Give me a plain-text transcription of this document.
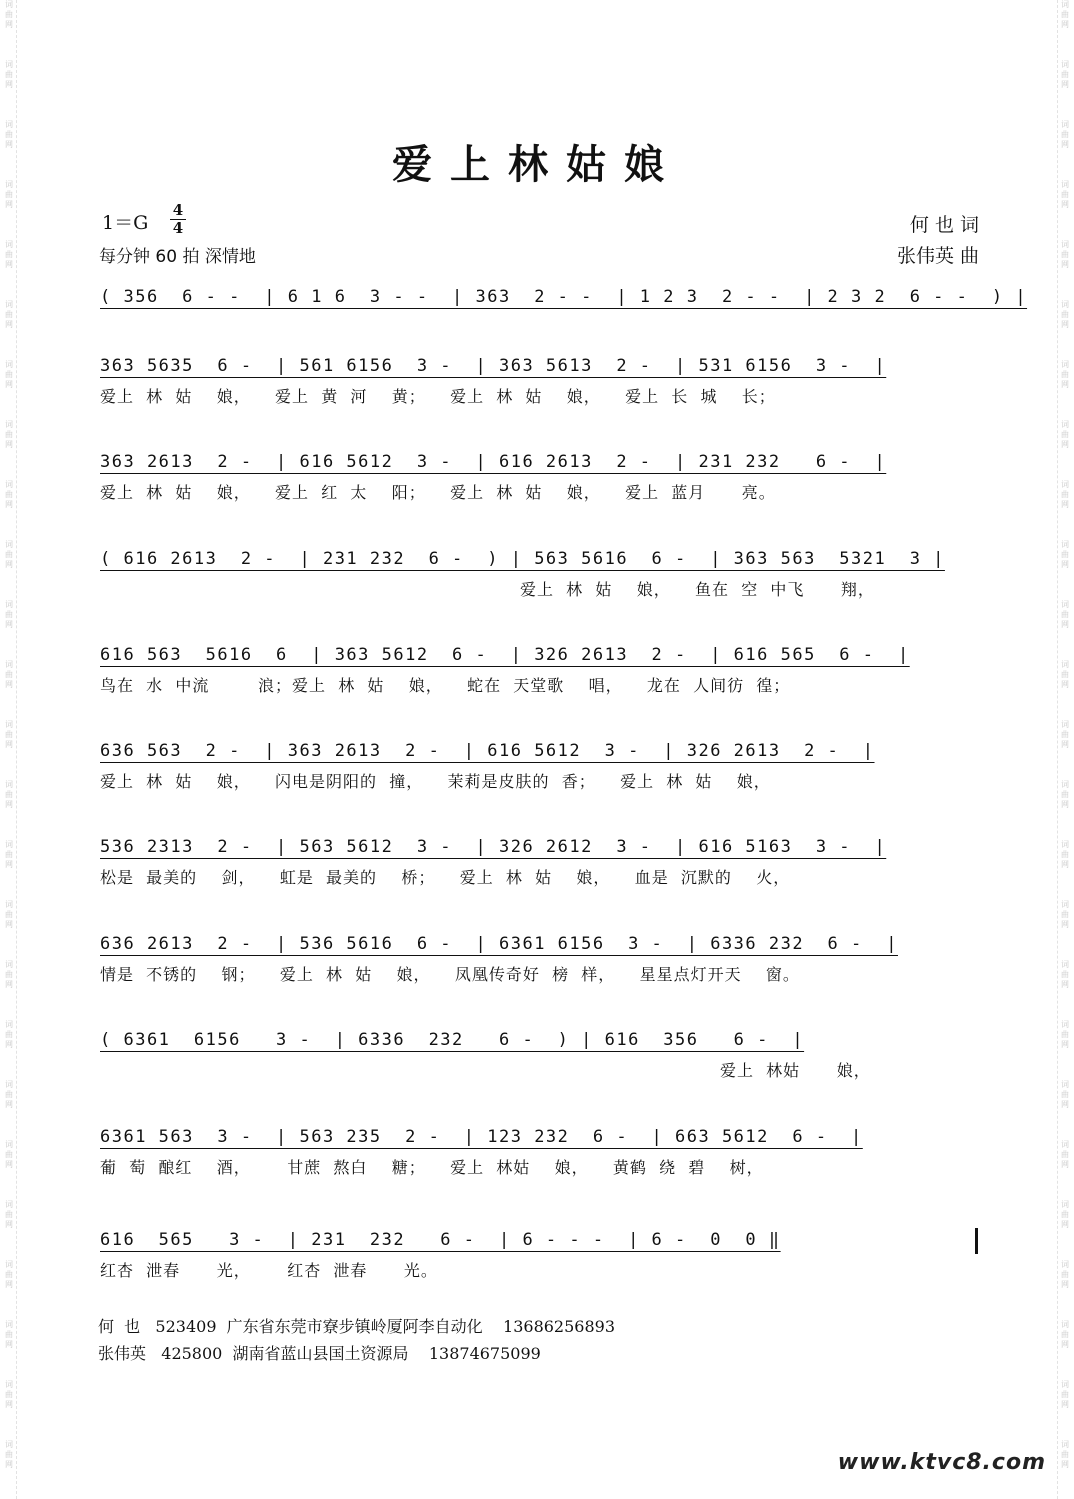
词曲网
词曲网
词曲网
词曲网
词曲网
词曲网
词曲网
词曲网
词曲网
词曲网
词曲网
词曲网
词曲网
词曲网
词曲网
词曲网
词曲网
词曲网
词曲网
词曲网
词曲网
词曲网
词曲网
词曲网
词曲网
词曲网
词曲网
词曲网
词曲网
词曲网
词曲网
词曲网
词曲网
词曲网
词曲网
词曲网
词曲网
词曲网
词曲网
词曲网
词曲网
词曲网
词曲网
词曲网
词曲网
词曲网
词曲网
词曲网
词曲网
词曲网
爱上林姑娘
1＝G
4
4
每分钟 60 拍 深情地
何 也 词
张伟英 曲
( 356  6 - -  | 6 1 6  3 - -  | 363  2 - -  | 1 2 3  2 - -  | 2 3 2  6 - -  ) |
363 5635  6 -  | 561 6156  3 -  | 363 5613  2 -  | 531 6156  3 -  |
爱上  林  姑    娘，    爱上  黄  河    黄；    爱上  林  姑    娘，    爱上  长  城    长；
363 2613  2 -  | 616 5612  3 -  | 616 2613  2 -  | 231 232   6 -  |
爱上  林  姑    娘，    爱上  红  太    阳；    爱上  林  姑    娘，    爱上  蓝月      亮。
( 616 2613  2 -  | 231 232  6 -  ) | 563 5616  6 -  | 363 563  5321  3 |
爱上  林  姑    娘，    鱼在  空  中飞      翔，
616 563  5616  6  | 363 5612  6 -  | 326 2613  2 -  | 616 565  6 -  |
鸟在  水  中流        浪；爱上  林  姑    娘，    蛇在  天堂歌    唱，    龙在  人间彷  徨；
636 563  2 -  | 363 2613  2 -  | 616 5612  3 -  | 326 2613  2 -  |
爱上  林  姑    娘，    闪电是阴阳的  撞，    茉莉是皮肤的  香；    爱上  林  姑    娘，
536 2313  2 -  | 563 5612  3 -  | 326 2612  3 -  | 616 5163  3 -  |
松是  最美的    剑，    虹是  最美的    桥；    爱上  林  姑    娘，    血是  沉默的    火，
636 2613  2 -  | 536 5616  6 -  | 6361 6156  3 -  | 6336 232  6 -  |
情是  不锈的    钢；    爱上  林  姑    娘，    凤凰传奇好  榜  样，    星星点灯开天    窗。
( 6361  6156   3 -  | 6336  232   6 -  ) | 616  356   6 -  |
爱上  林姑      娘，
6361 563  3 -  | 563 235  2 -  | 123 232  6 -  | 663 5612  6 -  |
葡  萄  酿红    酒，      甘蔗  熬白    糖；    爱上  林姑    娘，    黄鹤  绕  碧    树，
616  565   3 -  | 231  232   6 -  | 6 - - -  | 6 -  0  0 ‖
红杏  泄春      光，      红杏  泄春      光。
何  也   523409  广东省东莞市寮步镇岭厦阿李自动化    13686256893
张伟英   425800  湖南省蓝山县国土资源局    13874675099
www.ktvc8.com
